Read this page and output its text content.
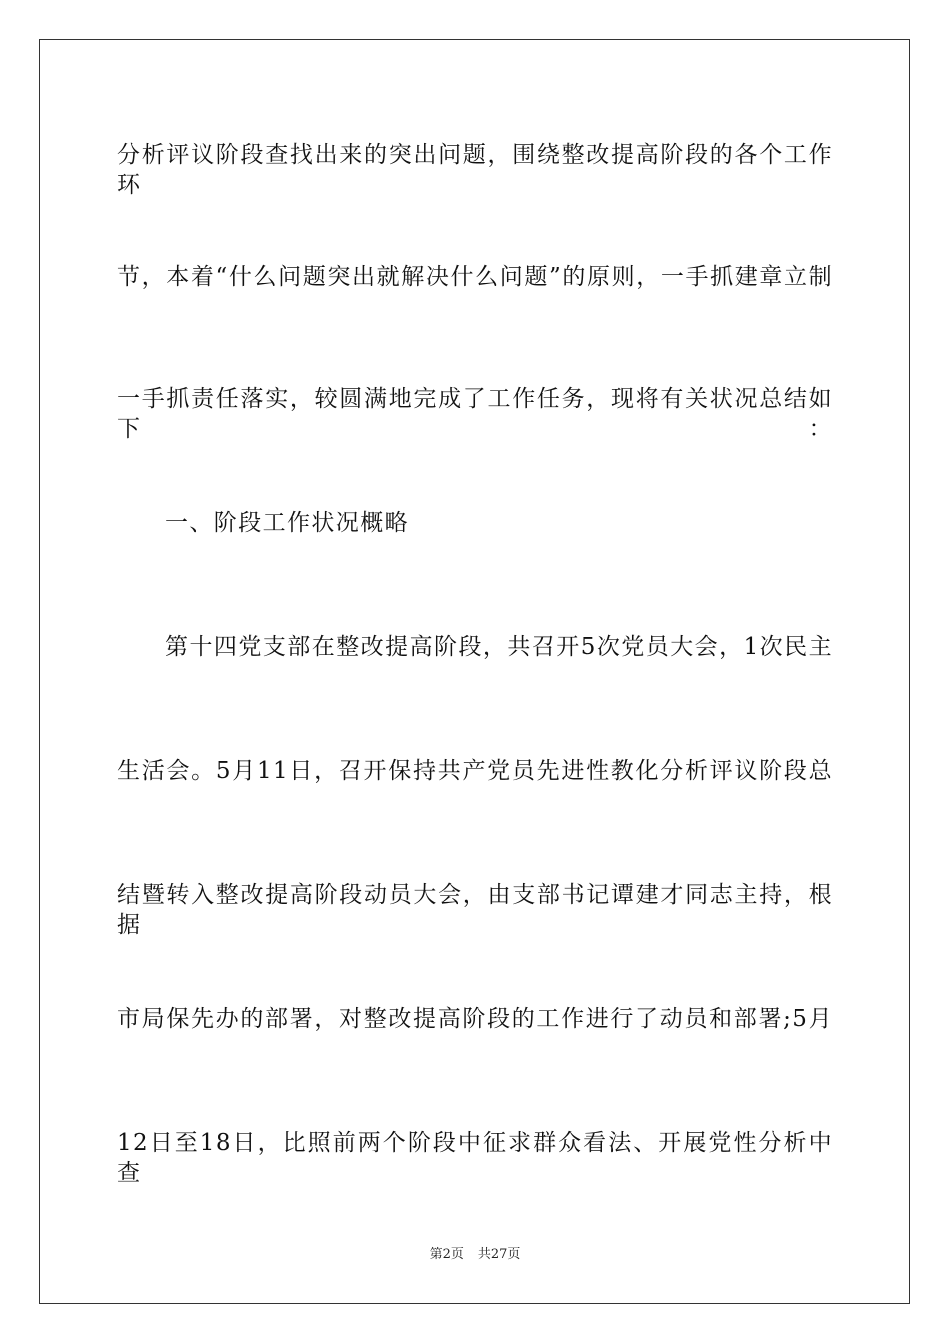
分析评议阶段查找出来的突出问题，围绕整改提高阶段的各个工作环
节，本着“什么问题突出就解决什么问题”的原则，一手抓建章立制
一手抓责任落实，较圆满地完成了工作任务，现将有关状况总结如下：
一、阶段工作状况概略
第十四党支部在整改提高阶段，共召开5次党员大会，1次民主
生活会。5月11日，召开保持共产党员先进性教化分析评议阶段总
结暨转入整改提高阶段动员大会，由支部书记谭建才同志主持，根据
市局保先办的部署，对整改提高阶段的工作进行了动员和部署;5月
12日至18日，比照前两个阶段中征求群众看法、开展党性分析中查
第2页 共27页
